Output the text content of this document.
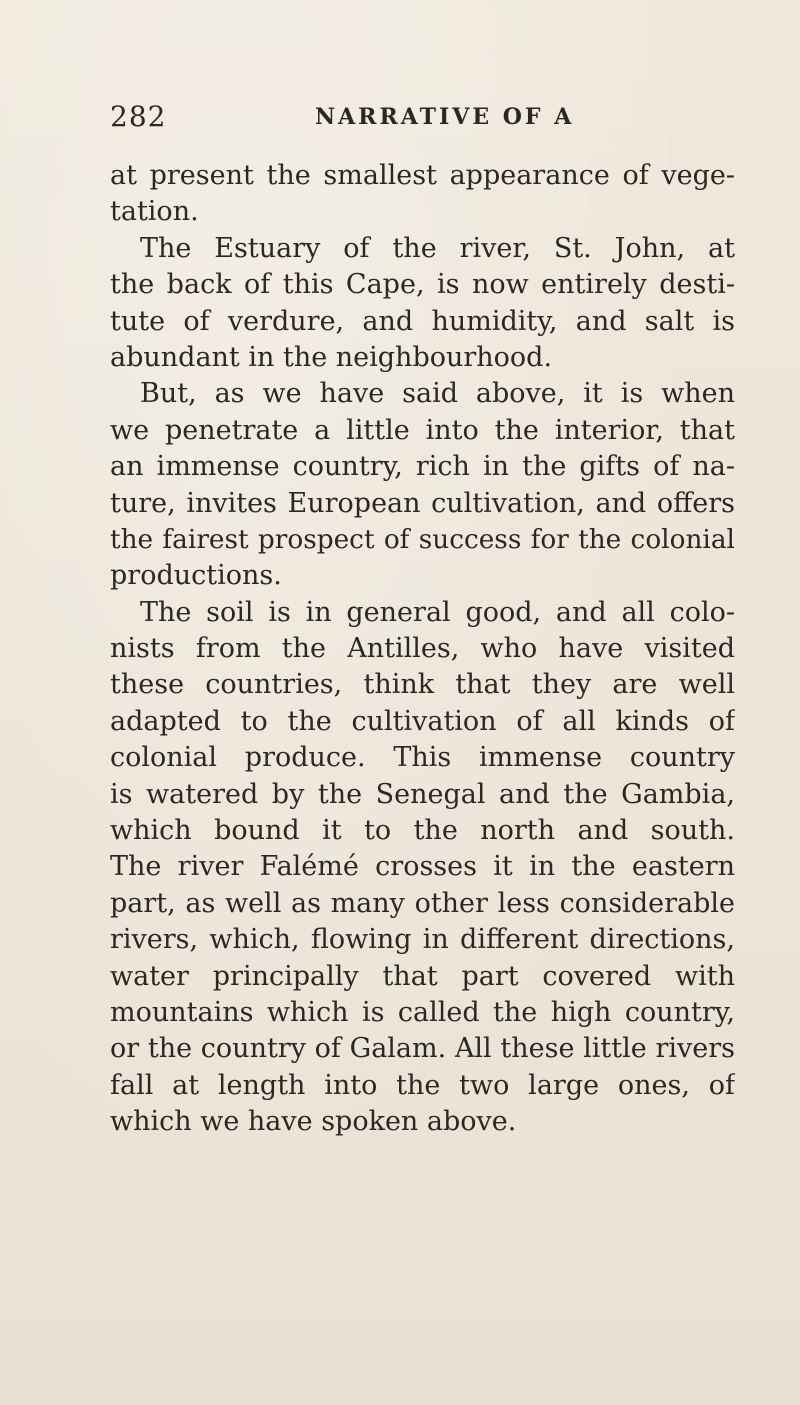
282	NARRATIVE OF A
at present the smallest appearance of vege-
tation.
The Estuary of the river, St. John, at
the back of this Cape, is now entirely desti-
tute of verdure, and humidity, and salt is
abundant in the neighbourhood.
But, as we have said above, it is when
we penetrate a little into the interior, that
an immense country, rich in the gifts of na-
ture, invites European cultivation, and offers
the fairest prospect of success for the colonial
productions.
The soil is in general good, and all colo-
nists from the Antilles, who have visited
these countries, think that they are well
adapted to the cultivation of all kinds of
colonial produce. This immense country
is watered by the Senegal and the Gambia,
which bound it to the north and south.
The river Falémé crosses it in the eastern
part, as well as many other less considerable
rivers, which, flowing in different directions,
water principally that part covered with
mountains which is called the high country,
or the country of Galam. All these little rivers
fall at length into the two large ones, of
which we have spoken above.
